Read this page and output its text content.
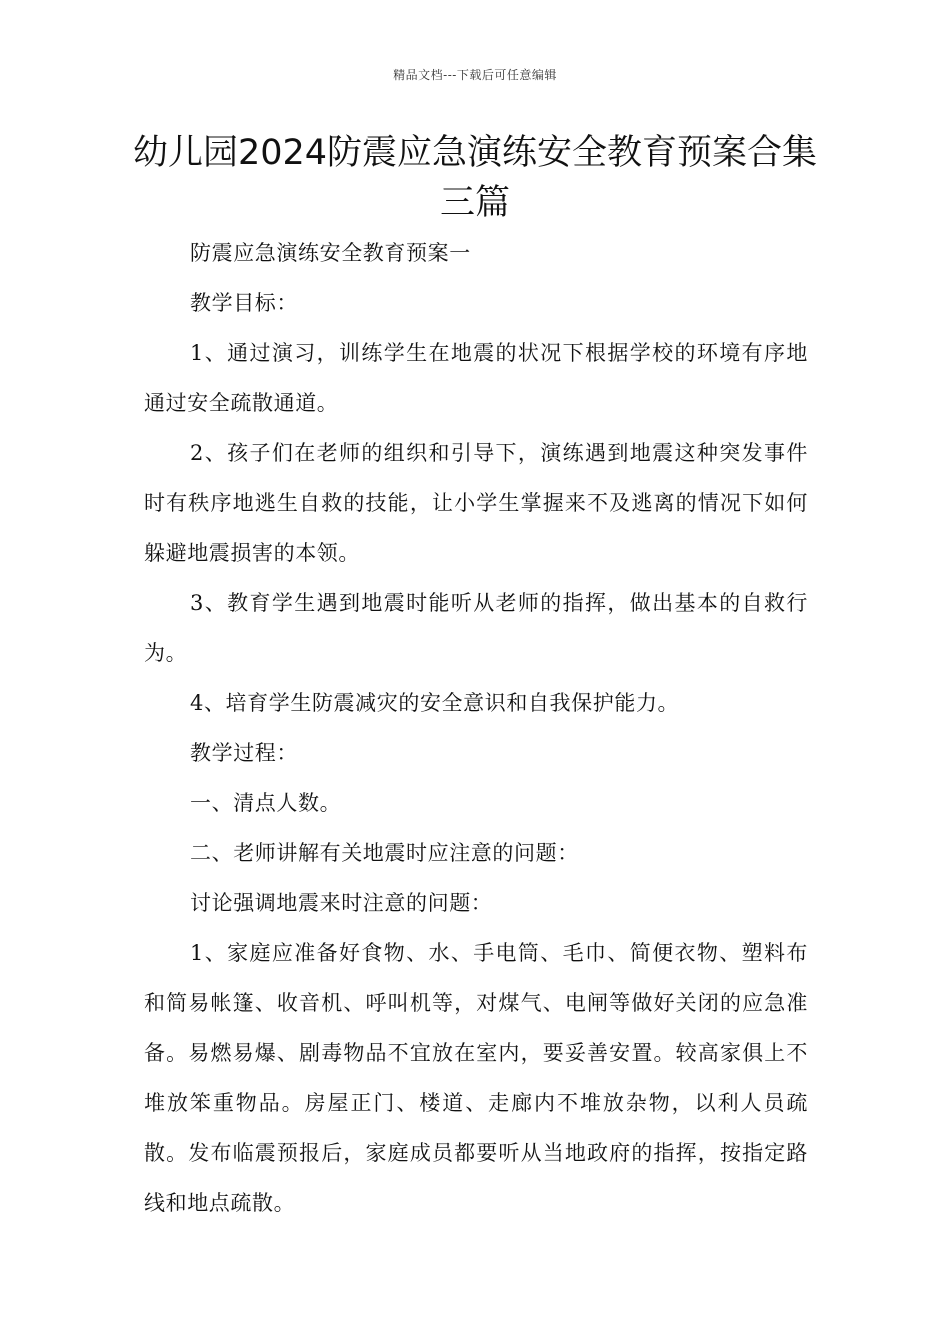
精品文档---下载后可任意编辑
幼儿园2024防震应急演练安全教育预案合集三篇

防震应急演练安全教育预案一

教学目标：

1、通过演习，训练学生在地震的状况下根据学校的环境有序地通过安全疏散通道。

2、孩子们在老师的组织和引导下，演练遇到地震这种突发事件时有秩序地逃生自救的技能，让小学生掌握来不及逃离的情况下如何躲避地震损害的本领。

3、教育学生遇到地震时能听从老师的指挥，做出基本的自救行为。

4、培育学生防震减灾的安全意识和自我保护能力。

教学过程：

一、清点人数。

二、老师讲解有关地震时应注意的问题：

讨论强调地震来时注意的问题：

1、家庭应准备好食物、水、手电筒、毛巾、简便衣物、塑料布和简易帐篷、收音机、呼叫机等，对煤气、电闸等做好关闭的应急准备。易燃易爆、剧毒物品不宜放在室内，要妥善安置。较高家俱上不堆放笨重物品。房屋正门、楼道、走廊内不堆放杂物，以利人员疏散。发布临震预报后，家庭成员都要听从当地政府的指挥，按指定路线和地点疏散。
